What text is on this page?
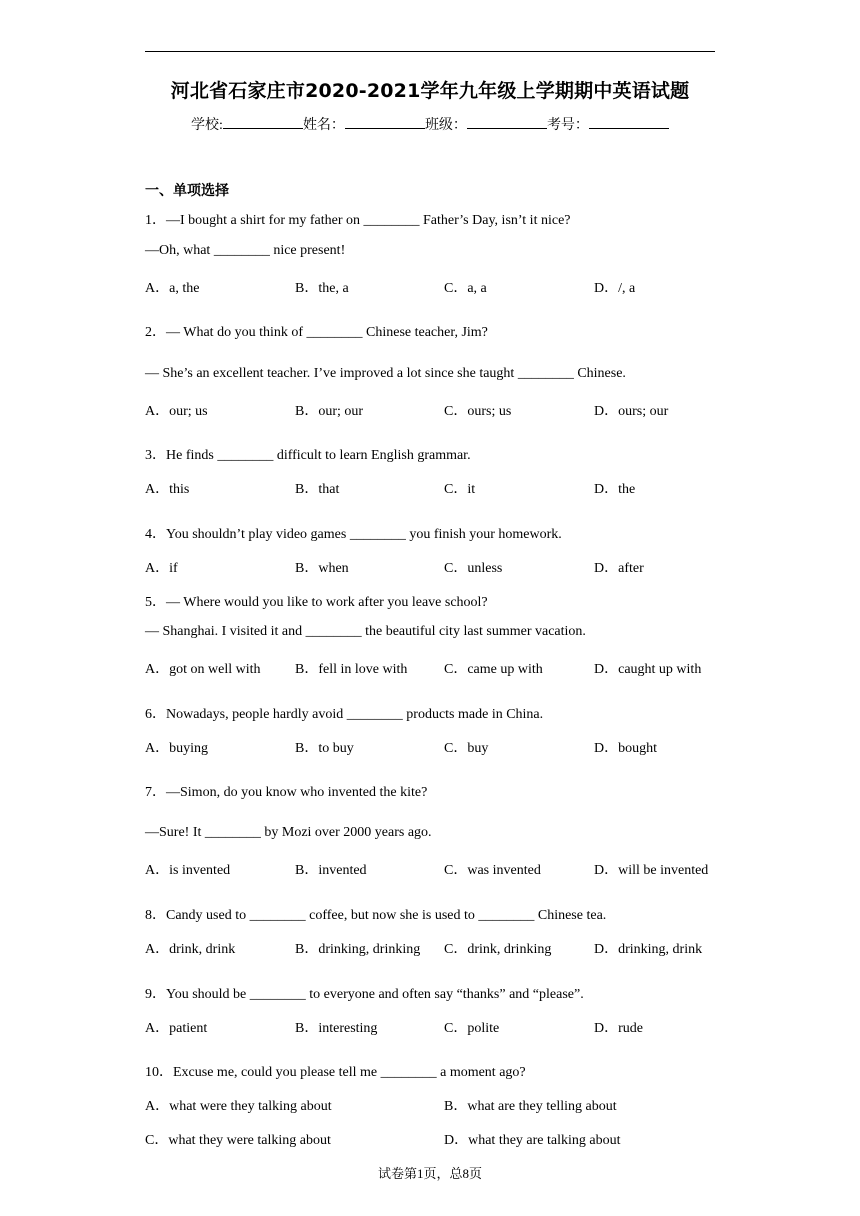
河北省石家庄市2020-2021学年九年级上学期期中英语试题
学校:	姓名：	班级：	考号：
一、单项选择
1．—I bought a shirt for my father on ________ Father’s Day, isn’t it nice?
—Oh, what ________ nice present!
A．a, the	B．the, a	C．a, a	D．/, a
2．— What do you think of ________ Chinese teacher, Jim?
— She’s an excellent teacher. I’ve improved a lot since she taught ________ Chinese.
A．our; us	B．our; our	C．ours; us	D．ours; our
3．He finds ________ difficult to learn English grammar.
A．this	B．that	C．it	D．the
4．You shouldn’t play video games ________ you finish your homework.
A．if	B．when	C．unless	D．after
5．— Where would you like to work after you leave school?
— Shanghai. I visited it and ________ the beautiful city last summer vacation.
A．got on well with B．fell in love with	C．came up with	D．caught up with
6．Nowadays, people hardly avoid ________ products made in China.
A．buying	B．to buy	C．buy	D．bought
7．—Simon, do you know who invented the kite?
—Sure! It ________ by Mozi over 2000 years ago.
A．is invented	B．invented	C．was invented	D．will be invented
8．Candy used to ________ coffee, but now she is used to ________ Chinese tea.
A．drink, drink	B．drinking, drinking C．drink, drinking	D．drinking, drink
9．You should be ________ to everyone and often say “thanks” and “please”.
A．patient	B．interesting	C．polite	D．rude
10．Excuse me, could you please tell me ________ a moment ago?
A．what were they talking about	B．what are they telling about
C．what they were talking about	D．what they are talking about
试卷第1页，总8页
